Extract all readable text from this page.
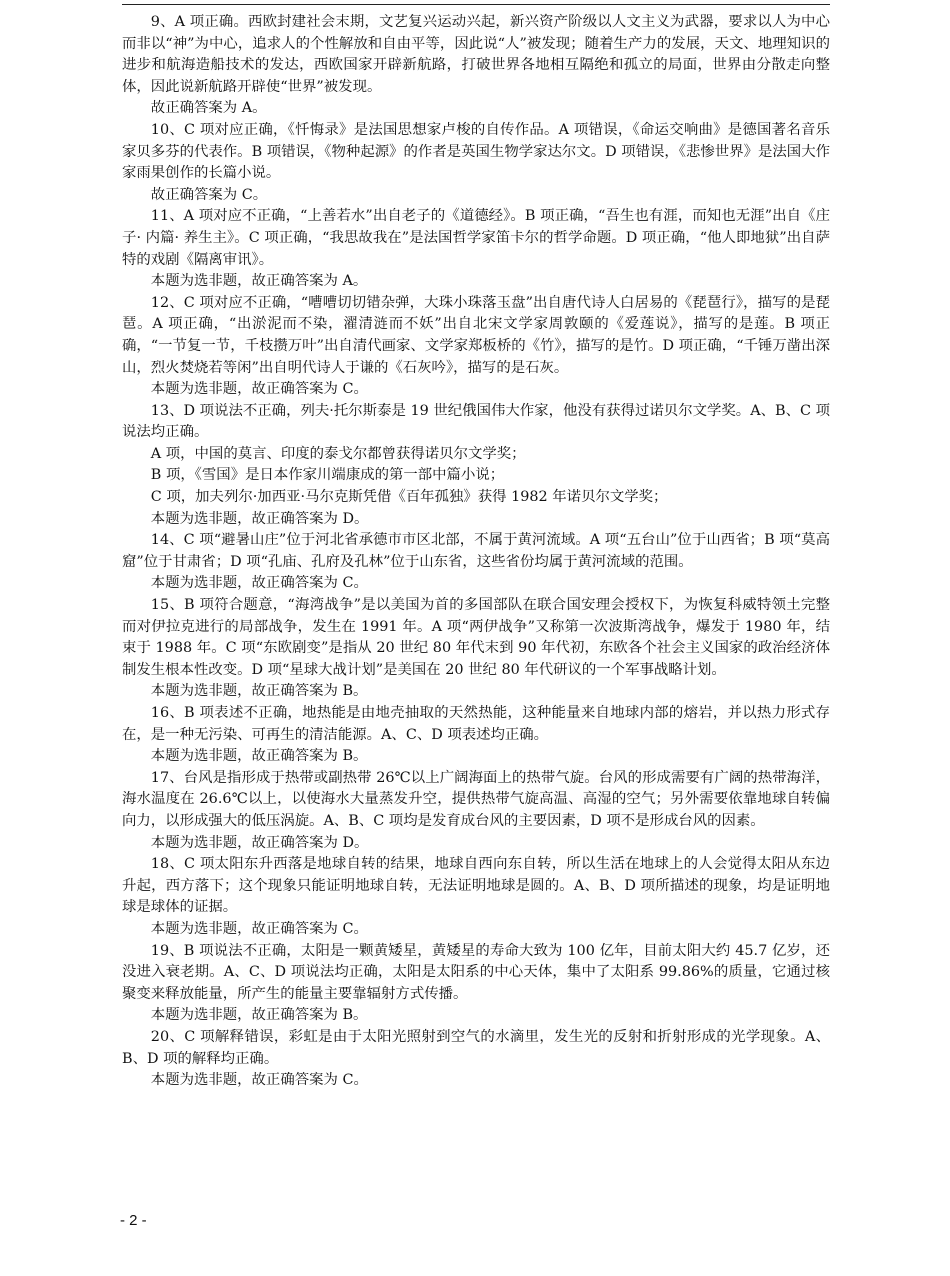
9、A 项正确。西欧封建社会末期，文艺复兴运动兴起，新兴资产阶级以人文主义为武器，要求以人为中心而非以“神”为中心，追求人的个性解放和自由平等，因此说“人”被发现；随着生产力的发展，天文、地理知识的进步和航海造船技术的发达，西欧国家开辟新航路，打破世界各地相互隔绝和孤立的局面，世界由分散走向整体，因此说新航路开辟使“世界”被发现。

故正确答案为 A。

10、C 项对应正确，《忏悔录》是法国思想家卢梭的自传作品。A 项错误，《命运交响曲》是德国著名音乐家贝多芬的代表作。B 项错误，《物种起源》的作者是英国生物学家达尔文。D 项错误，《悲惨世界》是法国大作家雨果创作的长篇小说。

故正确答案为 C。

11、A 项对应不正确，“上善若水”出自老子的《道德经》。B 项正确，“吾生也有涯，而知也无涯”出自《庄子· 内篇· 养生主》。C 项正确，“我思故我在”是法国哲学家笛卡尔的哲学命题。D 项正确，“他人即地狱”出自萨特的戏剧《隔离审讯》。

本题为选非题，故正确答案为 A。

12、C 项对应不正确，“嘈嘈切切错杂弹，大珠小珠落玉盘”出自唐代诗人白居易的《琵琶行》，描写的是琵琶。A 项正确，“出淤泥而不染，濯清涟而不妖”出自北宋文学家周敦颐的《爱莲说》，描写的是莲。B 项正确，“一节复一节，千枝攒万叶”出自清代画家、文学家郑板桥的《竹》，描写的是竹。D 项正确，“千锤万凿出深山，烈火焚烧若等闲”出自明代诗人于谦的《石灰吟》，描写的是石灰。

本题为选非题，故正确答案为 C。

13、D 项说法不正确，列夫·托尔斯泰是 19 世纪俄国伟大作家，他没有获得过诺贝尔文学奖。A、B、C 项说法均正确。

A 项，中国的莫言、印度的泰戈尔都曾获得诺贝尔文学奖；

B 项，《雪国》是日本作家川端康成的第一部中篇小说；

C 项，加夫列尔·加西亚·马尔克斯凭借《百年孤独》获得 1982 年诺贝尔文学奖；

本题为选非题，故正确答案为 D。

14、C 项“避暑山庄”位于河北省承德市市区北部，不属于黄河流域。A 项“五台山”位于山西省；B 项“莫高窟”位于甘肃省；D 项“孔庙、孔府及孔林”位于山东省，这些省份均属于黄河流域的范围。

本题为选非题，故正确答案为 C。

15、B 项符合题意，“海湾战争”是以美国为首的多国部队在联合国安理会授权下，为恢复科威特领土完整而对伊拉克进行的局部战争，发生在 1991 年。A 项“两伊战争”又称第一次波斯湾战争，爆发于 1980 年，结束于 1988 年。C 项“东欧剧变”是指从 20 世纪 80 年代末到 90 年代初，东欧各个社会主义国家的政治经济体制发生根本性改变。D 项“星球大战计划”是美国在 20 世纪 80 年代研议的一个军事战略计划。

本题为选非题，故正确答案为 B。

16、B 项表述不正确，地热能是由地壳抽取的天然热能，这种能量来自地球内部的熔岩，并以热力形式存在，是一种无污染、可再生的清洁能源。A、C、D 项表述均正确。

本题为选非题，故正确答案为 B。

17、台风是指形成于热带或副热带 26℃以上广阔海面上的热带气旋。台风的形成需要有广阔的热带海洋，海水温度在 26.6℃以上，以使海水大量蒸发升空，提供热带气旋高温、高湿的空气；另外需要依靠地球自转偏向力，以形成强大的低压涡旋。A、B、C 项均是发育成台风的主要因素，D 项不是形成台风的因素。

本题为选非题，故正确答案为 D。

18、C 项太阳东升西落是地球自转的结果，地球自西向东自转，所以生活在地球上的人会觉得太阳从东边升起，西方落下；这个现象只能证明地球自转，无法证明地球是圆的。A、B、D 项所描述的现象，均是证明地球是球体的证据。

本题为选非题，故正确答案为 C。

19、B 项说法不正确，太阳是一颗黄矮星，黄矮星的寿命大致为 100 亿年，目前太阳大约 45.7 亿岁，还没进入衰老期。A、C、D 项说法均正确，太阳是太阳系的中心天体，集中了太阳系 99.86%的质量，它通过核聚变来释放能量，所产生的能量主要靠辐射方式传播。

本题为选非题，故正确答案为 B。

20、C 项解释错误，彩虹是由于太阳光照射到空气的水滴里，发生光的反射和折射形成的光学现象。A、B、D 项的解释均正确。

本题为选非题，故正确答案为 C。

- 2 -
